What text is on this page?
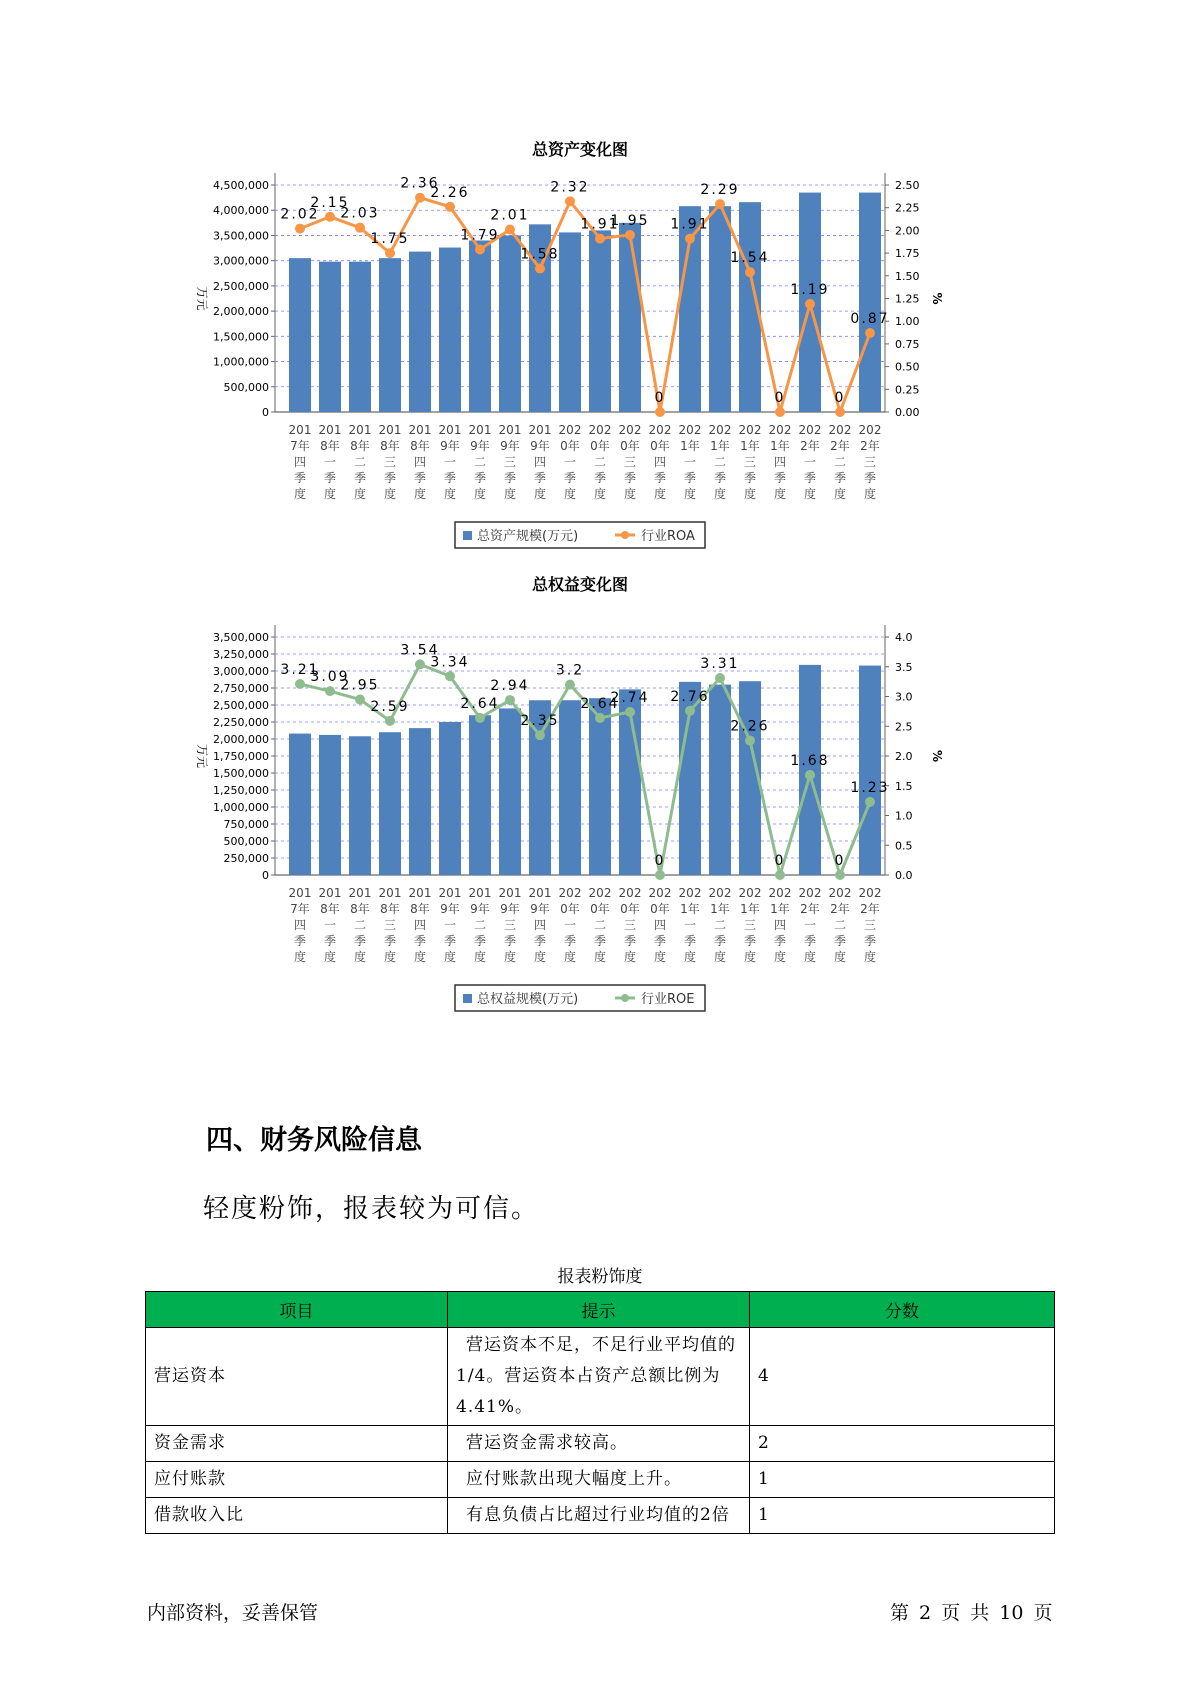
总资产变化图
0
500,000
1,000,000
1,500,000
2,000,000
2,500,000
3,000,000
3,500,000
4,000,000
4,500,000
0.00
0.25
0.50
0.75
1.00
1.25
1.50
1.75
2.00
2.25
2.50
万元	%
2.02
2.15
2.03
1.75
2.36
2.26
1.79
2.01
1.58
2.32
1.91
1.95
0
1.91
2.29
1.54
0
1.19
0
0.87
201 7年四季度
201 8年一季度
201 8年二季度
201 8年三季度
201 8年四季度
201 9年一季度
201 9年二季度
201 9年三季度
201 9年四季度
202 0年一季度
202 0年二季度
202 0年三季度
202 0年四季度
202 1年一季度
202 1年二季度
202 1年三季度
202 1年四季度
202 2年一季度
202 2年二季度
202 2年三季度
总资产规模(万元)	行业ROA
总权益变化图
0
250,000
500,000
750,000
1,000,000
1,250,000
1,500,000
1,750,000
2,000,000
2,250,000
2,500,000
2,750,000
3,000,000
3,250,000
3,500,000
0.0
0.5
1.0
1.5
2.0
2.5
3.0
3.5
4.0
万元	%
3.21
3.09
2.95
2.59
3.54
3.34
2.64
2.94
2.35
3.2
2.64
2.74
0
2.76
3.31
2.26
0
1.68
0
1.23
201 7年四季度
201 8年一季度
201 8年二季度
201 8年三季度
201 8年四季度
201 9年一季度
201 9年二季度
201 9年三季度
201 9年四季度
202 0年一季度
202 0年二季度
202 0年三季度
202 0年四季度
202 1年一季度
202 1年二季度
202 1年三季度
202 1年四季度
202 2年一季度
202 2年二季度
202 2年三季度
总权益规模(万元)	行业ROE
四、财务风险信息
轻度粉饰，报表较为可信。
报表粉饰度
项目	提示	分数
营运资本	营运资本不足，不足行业平均值的1/4。营运资本占资产总额比例为4.41%。	4
资金需求	营运资金需求较高。	2
应付账款	应付账款出现大幅度上升。	1
借款收入比	有息负债占比超过行业均值的2倍	1
内部资料，妥善保管	第 2 页 共 10 页
